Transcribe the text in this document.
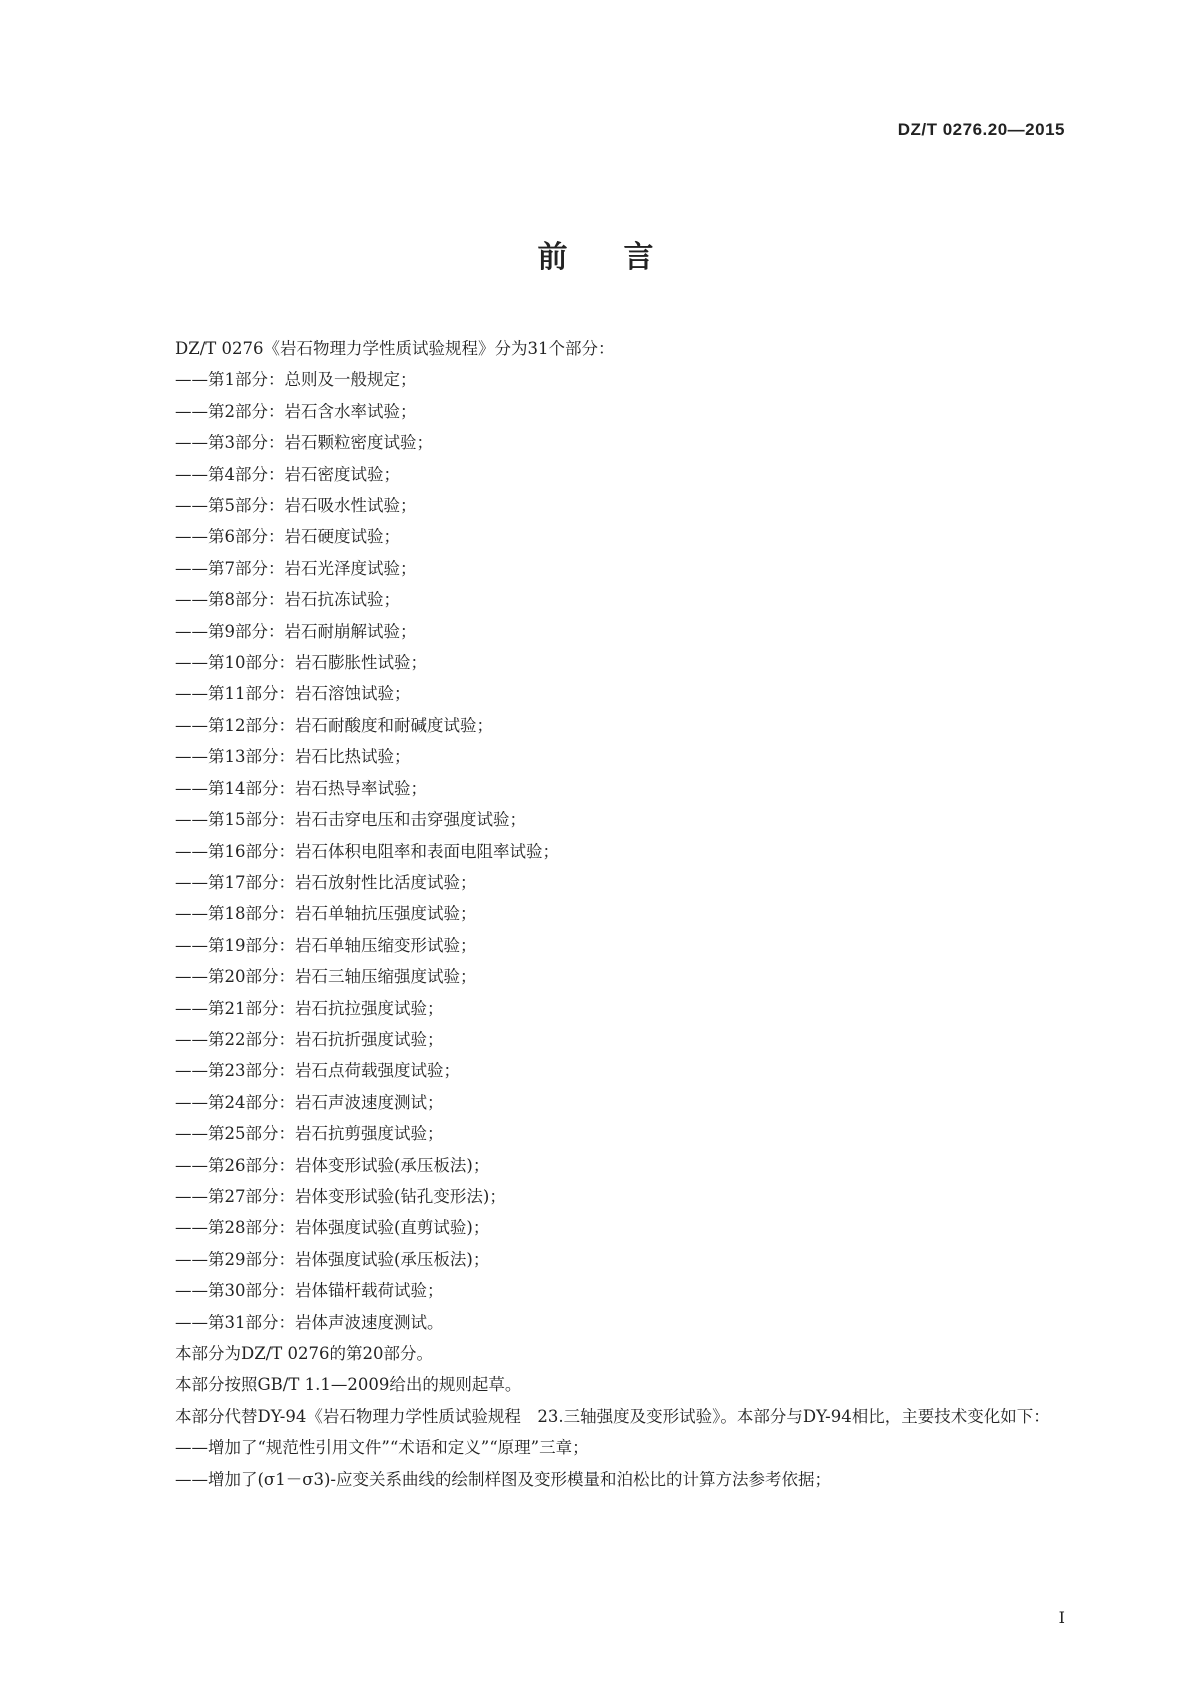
DZ/T 0276.20—2015
前言

DZ/T 0276《岩石物理力学性质试验规程》分为31个部分：

——第1部分：总则及一般规定；

——第2部分：岩石含水率试验；

——第3部分：岩石颗粒密度试验；

——第4部分：岩石密度试验；

——第5部分：岩石吸水性试验；

——第6部分：岩石硬度试验；

——第7部分：岩石光泽度试验；

——第8部分：岩石抗冻试验；

——第9部分：岩石耐崩解试验；

——第10部分：岩石膨胀性试验；

——第11部分：岩石溶蚀试验；

——第12部分：岩石耐酸度和耐碱度试验；

——第13部分：岩石比热试验；

——第14部分：岩石热导率试验；

——第15部分：岩石击穿电压和击穿强度试验；

——第16部分：岩石体积电阻率和表面电阻率试验；

——第17部分：岩石放射性比活度试验；

——第18部分：岩石单轴抗压强度试验；

——第19部分：岩石单轴压缩变形试验；

——第20部分：岩石三轴压缩强度试验；

——第21部分：岩石抗拉强度试验；

——第22部分：岩石抗折强度试验；

——第23部分：岩石点荷载强度试验；

——第24部分：岩石声波速度测试；

——第25部分：岩石抗剪强度试验；

——第26部分：岩体变形试验(承压板法)；

——第27部分：岩体变形试验(钻孔变形法)；

——第28部分：岩体强度试验(直剪试验)；

——第29部分：岩体强度试验(承压板法)；

——第30部分：岩体锚杆载荷试验；

——第31部分：岩体声波速度测试。

本部分为DZ/T 0276的第20部分。

本部分按照GB/T 1.1—2009给出的规则起草。

本部分代替DY-94《岩石物理力学性质试验规程　23.三轴强度及变形试验》。本部分与DY-94相比，主要技术变化如下：

——增加了“规范性引用文件”“术语和定义”“原理”三章；

——增加了(σ1－σ3)-应变关系曲线的绘制样图及变形模量和泊松比的计算方法参考依据；

I
